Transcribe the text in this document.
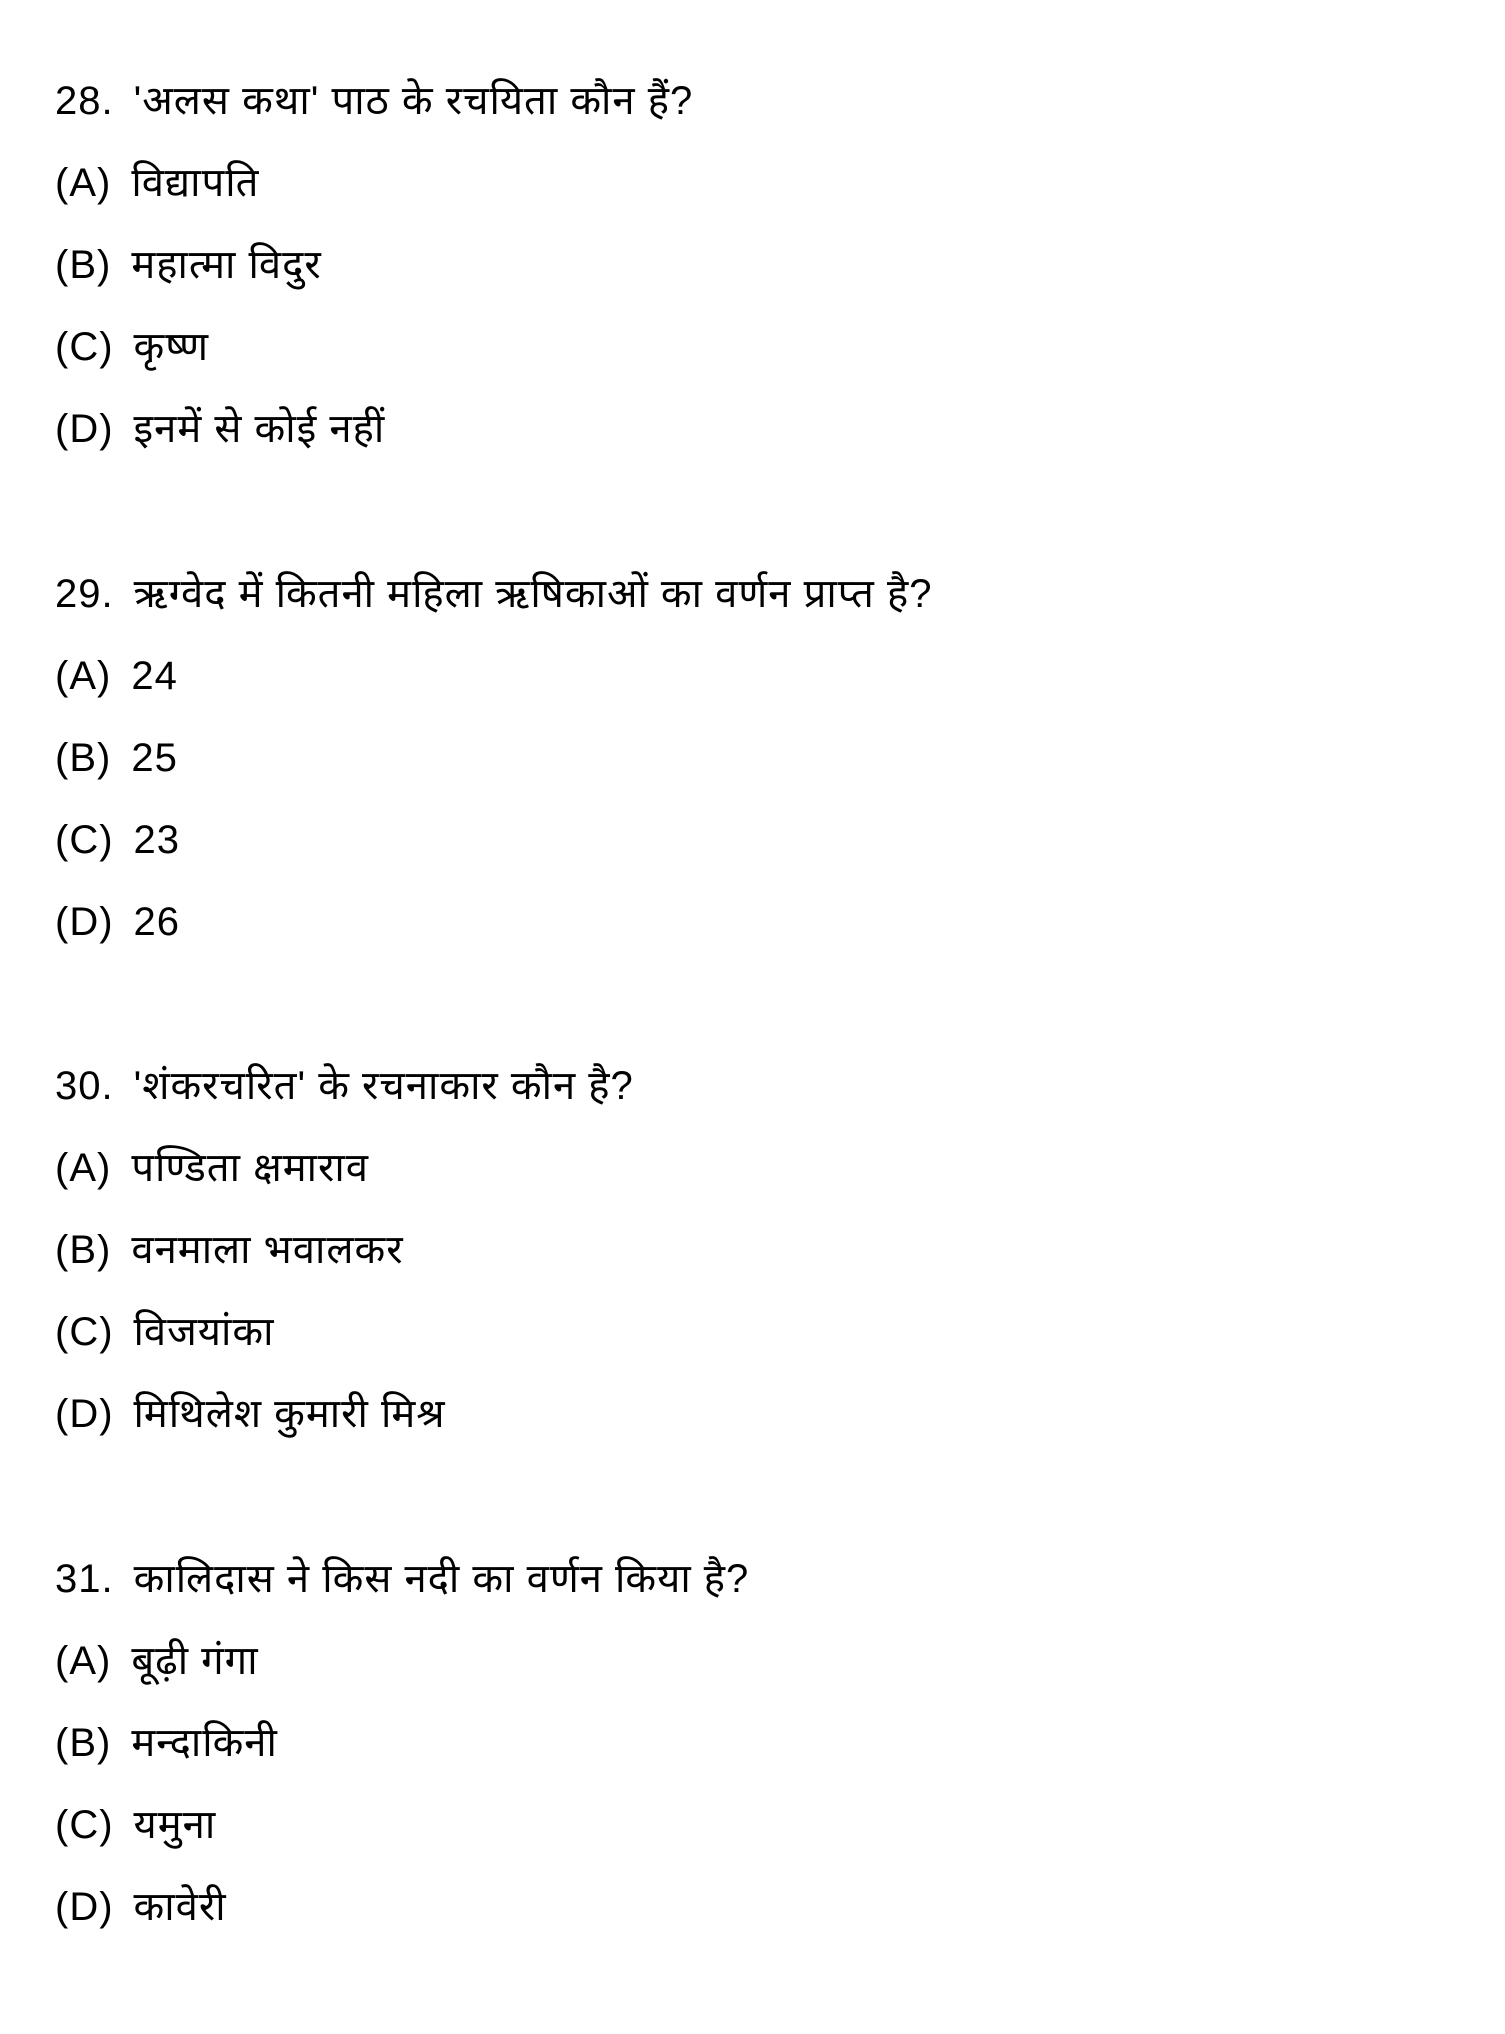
28. 'अलस कथा' पाठ के रचयिता कौन हैं?
(A) विद्यापति
(B) महात्मा विदुर
(C) कृष्ण
(D) इनमें से कोई नहीं
29. ऋग्वेद में कितनी महिला ऋषिकाओं का वर्णन प्राप्त है?
(A) 24
(B) 25
(C) 23
(D) 26
30. 'शंकरचरित' के रचनाकार कौन है?
(A) पण्डिता क्षमाराव
(B) वनमाला भवालकर
(C) विजयांका
(D) मिथिलेश कुमारी मिश्र
31. कालिदास ने किस नदी का वर्णन किया है?
(A) बूढ़ी गंगा
(B) मन्दाकिनी
(C) यमुना
(D) कावेरी
